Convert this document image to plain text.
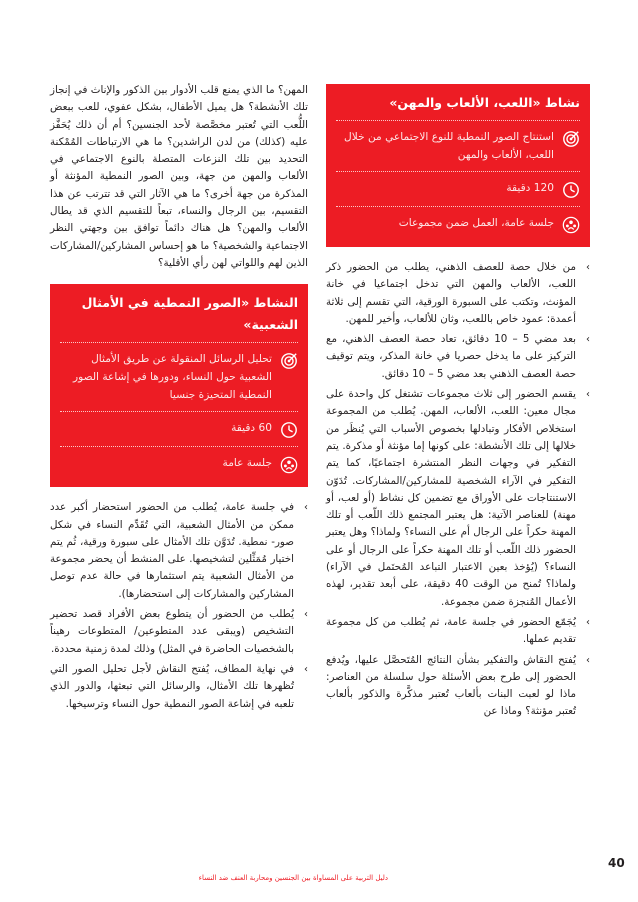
نشاط «اللعب، الألعاب والمهن»
استنتاج الصور النمطية للنوع الاجتماعي من خلال اللعب، الألعاب والمهن
120 دقيقة
جلسة عامة، العمل ضمن مجموعات
›
من خلال حصة للعصف الذهني، يطلب من الحضور ذكر اللعب، الألعاب والمهن التي تدخل اجتماعيا في خانة المؤنث، وتكتب على السبورة الورقية، التي تقسم إلى ثلاثة أعمدة: عمود خاص باللعب، وثان للألعاب، وأخير للمهن.
›
بعد مضي 5 – 10 دقائق، تعاد حصة العصف الذهني، مع التركيز على ما يدخل حصريا في خانة المذكر، ويتم توقيف حصة العصف الذهني بعد مضي 5 – 10 دقائق.
›
يقسم الحضور إلى ثلاث مجموعات تشتغل كل واحدة على مجال معين: اللعب، الألعاب، المهن. يُطلب من المجموعة استخلاص الأفكار وتبادلها بخصوص الأسباب التي يُنظَر من خلالها إلى تلك الأنشطة: على كونها إما مؤنثة أو مذكرة. يتم التفكير في وجهات النظر المنتشرة اجتماعيًا، كما يتم التفكير في الآراء الشخصية للمشاركين/المشاركات. تُدَوّن الاستنتاجات على الأوراق مع تضمين كل نشاط (أو لعب، أو مهنة) للعناصر الآتية: هل يعتبر المجتمع ذلك اللّعب أو تلك المهنة حكراً على الرجال أم على النساء؟ ولماذا؟ وهل يعتبر الحضور ذلك اللّعب أو تلك المهنة حكراً على الرجال أو على النساء؟ (يُؤخذ بعين الاعتبار التباعد المُحتَمل في الآراء) ولماذا؟ تُمنح من الوقت 40 دقيقة، على أبعد تقدير، لهذه الأعمال المُنجزة ضمن مجموعة.
›
يُجَمّع الحضور في جلسة عامة، ثم يُطلب من كل مجموعة تقديم عملها.
›
يُفتح النقاش والتفكير بشأن النتائج المُتَحصَّل عليها، ويُدفع الحضور إلى طرح بعض الأسئلة حول سلسلة من العناصر: ماذا لو لعبت البنات بألعاب تُعتبر مذكَّرة والذكور بألعاب تُعتبر مؤنثة؟ وماذا عن

المهن؟ ما الذي يمنع قلب الأدوار بين الذكور والإناث في إنجاز تلك الأنشطة؟ هل يميل الأطفال، بشكل عفوي، للعب ببعض اللُّعب التي تُعتبر مخصَّصة لأحد الجنسين؟ أم أن ذلك يُحَفَّز عليه (كذلك) من لدن الراشدين؟ ما هي الارتباطات المُمْكنة التحديد بين تلك النزعات المتصلة بالنوع الاجتماعي في الألعاب والمهن من جهة، وبين الصور النمطية المؤنثة أو المذكرة من جهة أخرى؟ ما هي الآثار التي قد تترتب عن هذا التقسيم، بين الرجال والنساء، تبعاً للتقسيم الذي قد يطال الألعاب والمهن؟ هل هناك دائماً توافق بين وجهتي النظر الاجتماعية والشخصية؟ ما هو إحساس المشاركين/المشاركات الذين لهم واللواتي لهن رأي الأقلية؟

النشاط «الصور النمطية في الأمثال الشعبية»
تحليل الرسائل المنقولة عن طريق الأمثال الشعبية حول النساء، ودورها في إشاعة الصور النمطية المتحيزة جنسيا
60 دقيقة
جلسة عامة
›
في جلسة عامة، يُطلب من الحضور استحضار أكبر عدد ممكن من الأمثال الشعبية، التي تُقَدِّم النساء في شكل صور- نمطية. تُدَوَّن تلك الأمثال على سبورة ورقية، ثُم يتم اختيار مُمَثِّلين لتشخيصها. على المنشط أن يحضر مجموعة من الأمثال الشعبية يتم استثمارها في حالة عدم توصل المشاركين والمشاركات إلى استحضارها).
›
يُطلب من الحضور أن يتطوع بعض الأفراد قصد تحضير التشخيص (ويبقى عدد المتطوعين/ المتطوعات رهيناً بالشخصيات الحاضرة في المثل) وذلك لمدة زمنية محددة.
›
في نهاية المطاف، يُفتح النقاش لأجل تحليل الصور التي تُظهرها تلك الأمثال، والرسائل التي تبعثها، والدور الذي تلعبه في إشاعة الصور النمطية حول النساء وترسيخها.
40
دليل التربية على المساواة بين الجنسين ومحاربة العنف ضد النساء
